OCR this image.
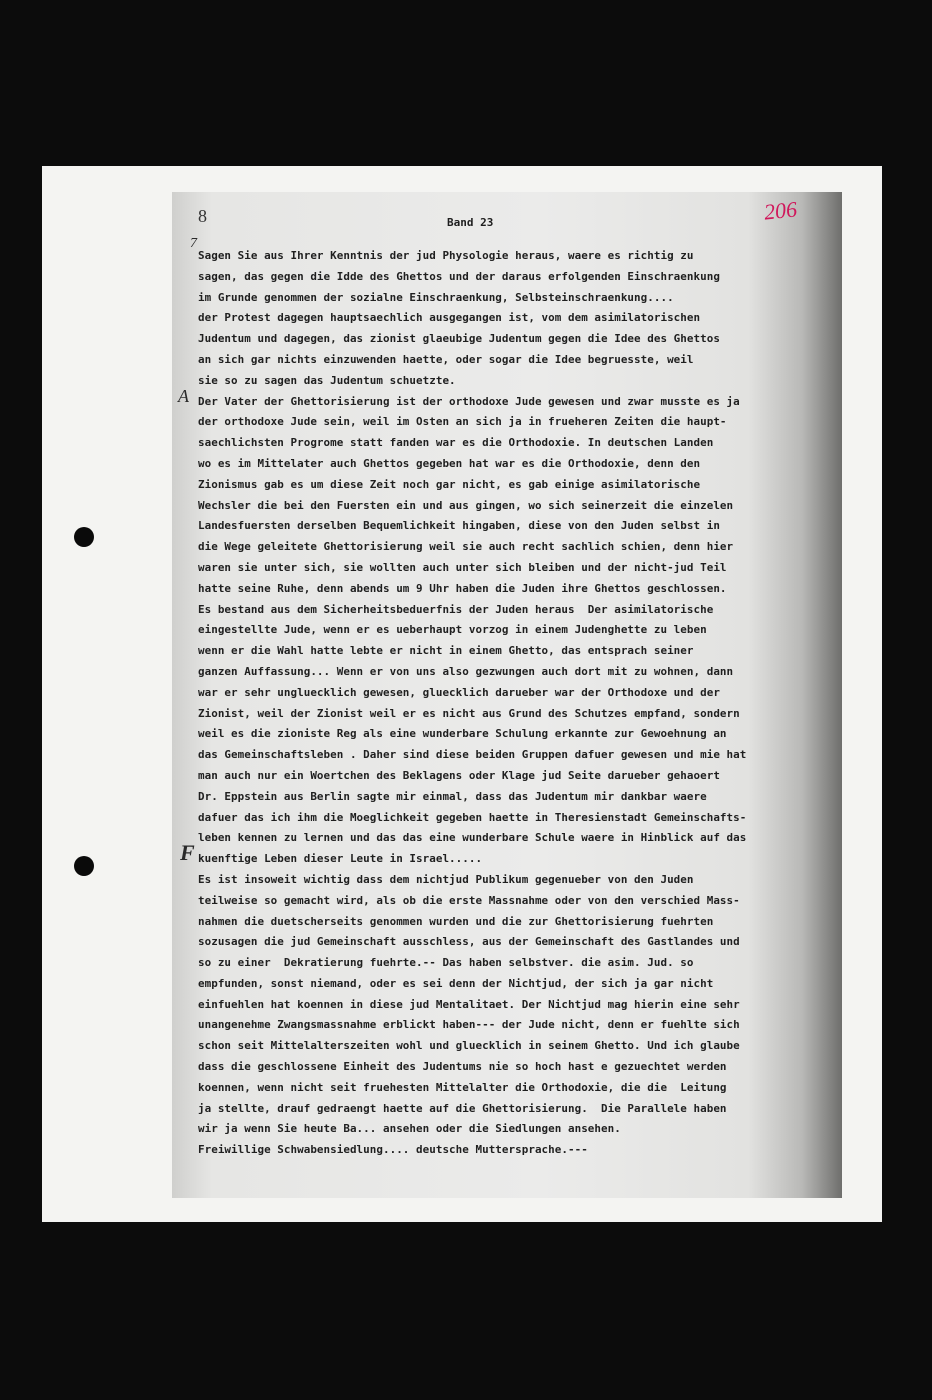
8	Band 23	206
7
A
F
Sagen Sie aus Ihrer Kenntnis der jud Physologie heraus, waere es richtig zu
sagen, das gegen die Idde des Ghettos und der daraus erfolgenden Einschraenkung
im Grunde genommen der sozialne Einschraenkung, Selbsteinschraenkung....
der Protest dagegen hauptsaechlich ausgegangen ist, vom dem asimilatorischen
Judentum und dagegen, das zionist glaeubige Judentum gegen die Idee des Ghettos
an sich gar nichts einzuwenden haette, oder sogar die Idee begruesste, weil
sie so zu sagen das Judentum schuetzte.
Der Vater der Ghettorisierung ist der orthodoxe Jude gewesen und zwar musste es ja
der orthodoxe Jude sein, weil im Osten an sich ja in frueheren Zeiten die haupt-
saechlichsten Progrome statt fanden war es die Orthodoxie. In deutschen Landen
wo es im Mittelater auch Ghettos gegeben hat war es die Orthodoxie, denn den
Zionismus gab es um diese Zeit noch gar nicht, es gab einige asimilatorische
Wechsler die bei den Fuersten ein und aus gingen, wo sich seinerzeit die einzelen
Landesfuersten derselben Bequemlichkeit hingaben, diese von den Juden selbst in
die Wege geleitete Ghettorisierung weil sie auch recht sachlich schien, denn hier
waren sie unter sich, sie wollten auch unter sich bleiben und der nicht-jud Teil
hatte seine Ruhe, denn abends um 9 Uhr haben die Juden ihre Ghettos geschlossen.
Es bestand aus dem Sicherheitsbeduerfnis der Juden heraus  Der asimilatorische
eingestellte Jude, wenn er es ueberhaupt vorzog in einem Judenghette zu leben
wenn er die Wahl hatte lebte er nicht in einem Ghetto, das entsprach seiner
ganzen Auffassung... Wenn er von uns also gezwungen auch dort mit zu wohnen, dann
war er sehr ungluecklich gewesen, gluecklich darueber war der Orthodoxe und der
Zionist, weil der Zionist weil er es nicht aus Grund des Schutzes empfand, sondern
weil es die zioniste Reg als eine wunderbare Schulung erkannte zur Gewoehnung an
das Gemeinschaftsleben . Daher sind diese beiden Gruppen dafuer gewesen und mie hat
man auch nur ein Woertchen des Beklagens oder Klage jud Seite darueber gehaoert
Dr. Eppstein aus Berlin sagte mir einmal, dass das Judentum mir dankbar waere
dafuer das ich ihm die Moeglichkeit gegeben haette in Theresienstadt Gemeinschafts-
leben kennen zu lernen und das das eine wunderbare Schule waere in Hinblick auf das
kuenftige Leben dieser Leute in Israel.....
Es ist insoweit wichtig dass dem nichtjud Publikum gegenueber von den Juden
teilweise so gemacht wird, als ob die erste Massnahme oder von den verschied Mass-
nahmen die duetscherseits genommen wurden und die zur Ghettorisierung fuehrten
sozusagen die jud Gemeinschaft ausschless, aus der Gemeinschaft des Gastlandes und
so zu einer  Dekratierung fuehrte.-- Das haben selbstver. die asim. Jud. so
empfunden, sonst niemand, oder es sei denn der Nichtjud, der sich ja gar nicht
einfuehlen hat koennen in diese jud Mentalitaet. Der Nichtjud mag hierin eine sehr
unangenehme Zwangsmassnahme erblickt haben--- der Jude nicht, denn er fuehlte sich
schon seit Mittelalterszeiten wohl und gluecklich in seinem Ghetto. Und ich glaube
dass die geschlossene Einheit des Judentums nie so hoch hast e gezuechtet werden
koennen, wenn nicht seit fruehesten Mittelalter die Orthodoxie, die die  Leitung
ja stellte, drauf gedraengt haette auf die Ghettorisierung.  Die Parallele haben
wir ja wenn Sie heute Ba... ansehen oder die Siedlungen ansehen.
Freiwillige Schwabensiedlung.... deutsche Muttersprache.---
